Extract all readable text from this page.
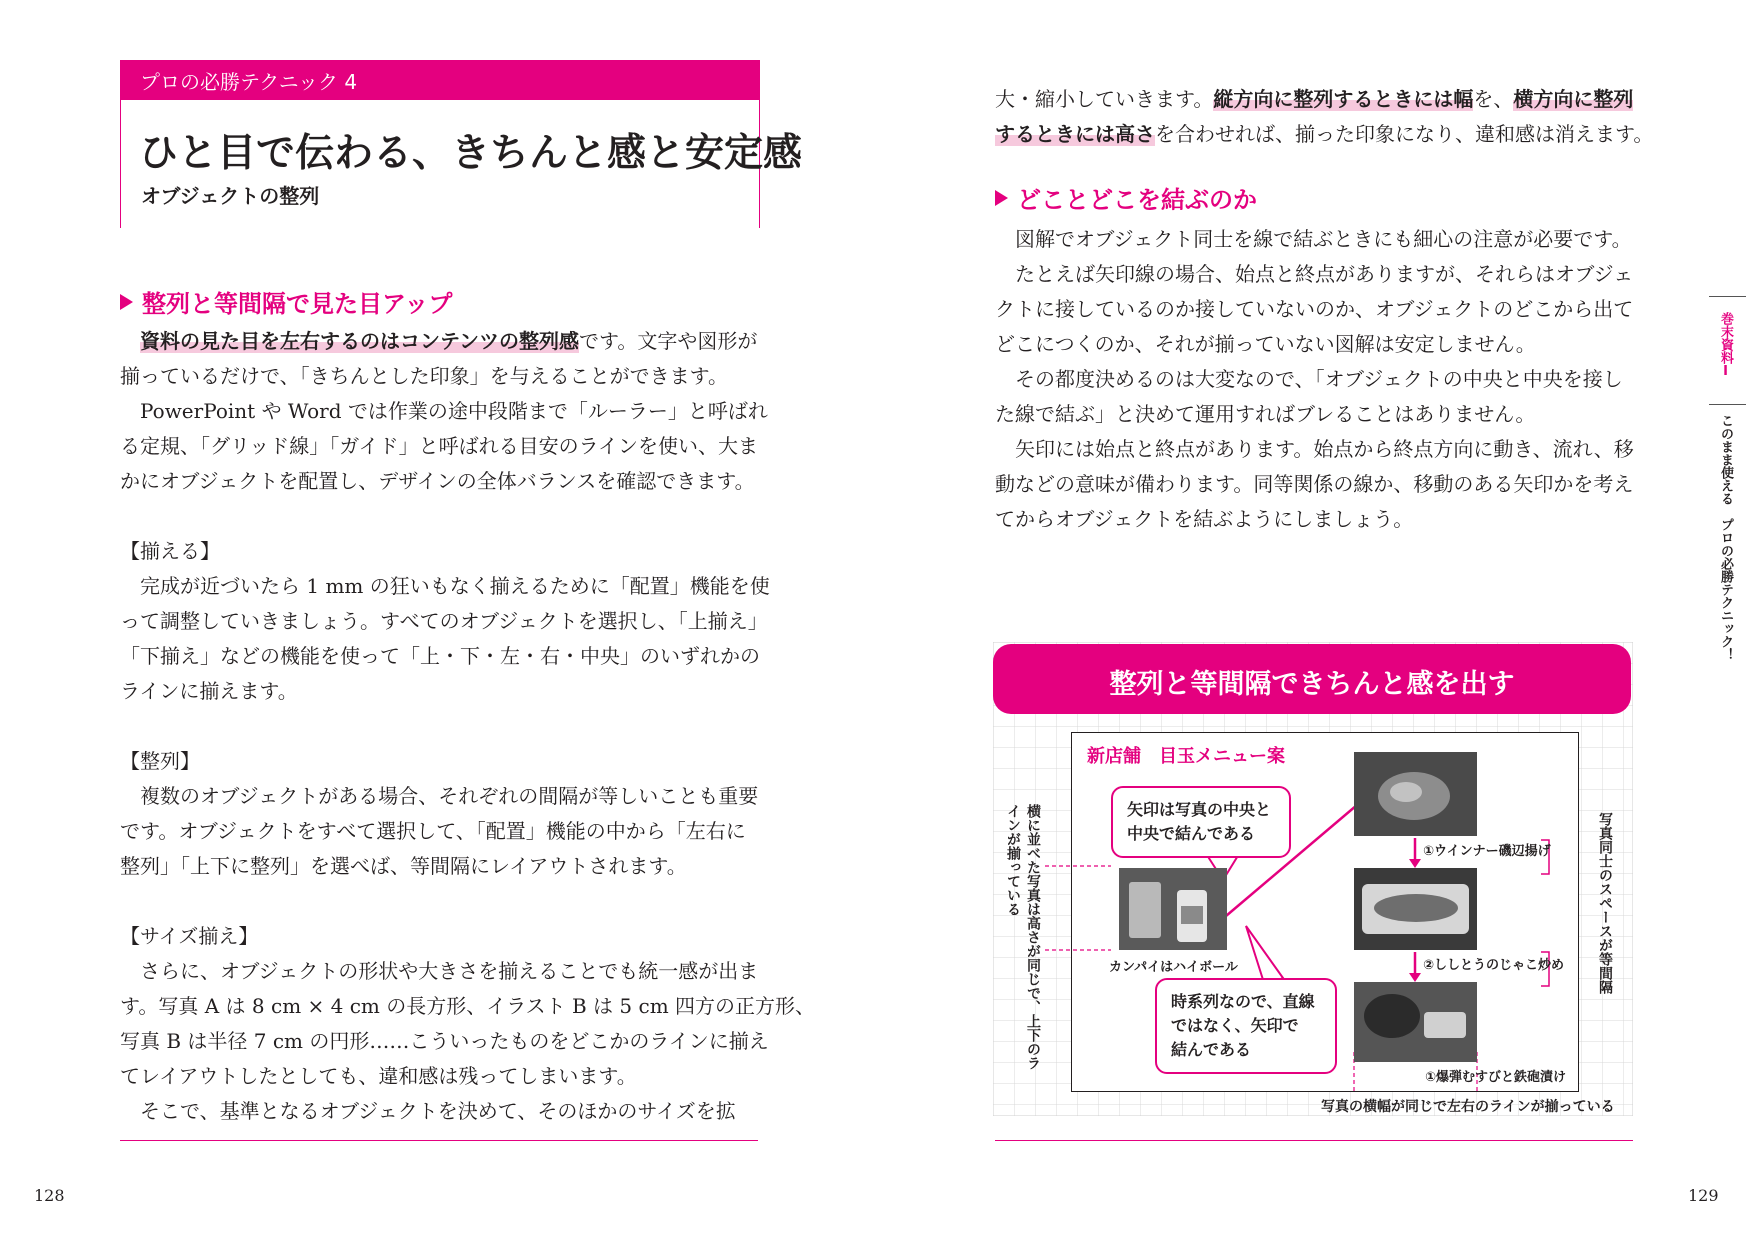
プロの必勝テクニック 4
ひと目で伝わる、きちんと感と安定感
オブジェクトの整列
整列と等間隔で見た目アップ
資料の見た目を左右するのはコンテンツの整列感です。文字や図形が
揃っているだけで、「きちんとした印象」を与えることができます。
PowerPoint や Word では作業の途中段階まで「ルーラー」と呼ばれ
る定規、「グリッド線」「ガイド」と呼ばれる目安のラインを使い、大ま
かにオブジェクトを配置し、デザインの全体バランスを確認できます。
【揃える】
完成が近づいたら 1 mm の狂いもなく揃えるために「配置」機能を使
って調整していきましょう。すべてのオブジェクトを選択し、「上揃え」
「下揃え」などの機能を使って「上・下・左・右・中央」のいずれかの
ラインに揃えます。
【整列】
複数のオブジェクトがある場合、それぞれの間隔が等しいことも重要
です。オブジェクトをすべて選択して、「配置」機能の中から「左右に
整列」「上下に整列」を選べば、等間隔にレイアウトされます。
【サイズ揃え】
さらに、オブジェクトの形状や大きさを揃えることでも統一感が出ま
す。写真 A は 8 cm × 4 cm の長方形、イラスト B は 5 cm 四方の正方形、
写真 B は半径 7 cm の円形……こういったものをどこかのラインに揃え
てレイアウトしたとしても、違和感は残ってしまいます。
そこで、基準となるオブジェクトを決めて、そのほかのサイズを拡
128
大・縮小していきます。縦方向に整列するときには幅を、横方向に整列
するときには高さを合わせれば、揃った印象になり、違和感は消えます。
どことどこを結ぶのか
図解でオブジェクト同士を線で結ぶときにも細心の注意が必要です。
たとえば矢印線の場合、始点と終点がありますが、それらはオブジェ
クトに接しているのか接していないのか、オブジェクトのどこから出て
どこにつくのか、それが揃っていない図解は安定しません。
その都度決めるのは大変なので、「オブジェクトの中央と中央を接し
た線で結ぶ」と決めて運用すればブレることはありません。
矢印には始点と終点があります。始点から終点方向に動き、流れ、移
動などの意味が備わります。同等関係の線か、移動のある矢印かを考え
てからオブジェクトを結ぶようにしましょう。
巻末資料Ⅰ
このまま使える　プロの必勝テクニック！
整列と等間隔できちんと感を出す
新店舗　目玉メニュー案
矢印は写真の中央と
中央で結んである
時系列なので、直線
ではなく、矢印で
結んである
カンパイはハイボール
①ウインナー磯辺揚げ
②ししとうのじゃこ炒め
①爆弾むすびと鉄砲漬け
横に並べた写真は高さが同じで、上下のラインが揃っている	写真同士のスペースが等間隔
写真の横幅が同じで左右のラインが揃っている
129
